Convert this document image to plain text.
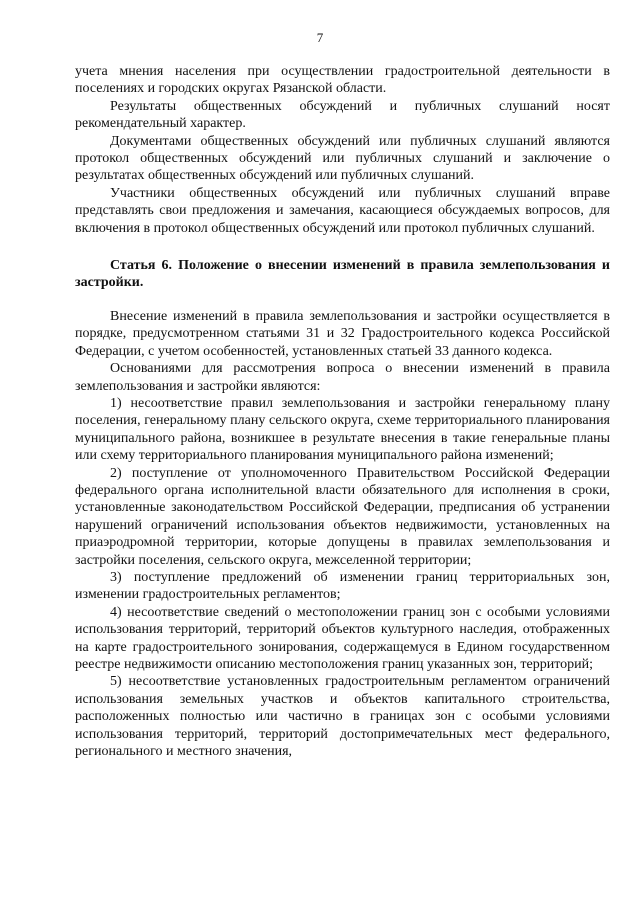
7

учета мнения населения при осуществлении градостроительной деятельности в поселениях и городских округах Рязанской области.

Результаты общественных обсуждений и публичных слушаний носят рекомендательный характер.

Документами общественных обсуждений или публичных слушаний являются протокол общественных обсуждений или публичных слушаний и заключение о результатах общественных обсуждений или публичных слушаний.

Участники общественных обсуждений или публичных слушаний вправе представлять свои предложения и замечания, касающиеся обсуждаемых вопросов, для включения в протокол общественных обсуждений или протокол публичных слушаний.

Статья 6. Положение о внесении изменений в правила землепользования и застройки.

Внесение изменений в правила землепользования и застройки осуществляется в порядке, предусмотренном статьями 31 и 32 Градостроительного кодекса Российской Федерации, с учетом особенностей, установленных статьей 33 данного кодекса.

Основаниями для рассмотрения вопроса о внесении изменений в правила землепользования и застройки являются:

1) несоответствие правил землепользования и застройки генеральному плану поселения, генеральному плану сельского округа, схеме территориального планирования муниципального района, возникшее в результате внесения в такие генеральные планы или схему территориального планирования муниципального района изменений;

2) поступление от уполномоченного Правительством Российской Федерации федерального органа исполнительной власти обязательного для исполнения в сроки, установленные законодательством Российской Федерации, предписания об устранении нарушений ограничений использования объектов недвижимости, установленных на приаэродромной территории, которые допущены в правилах землепользования и застройки поселения, сельского округа, межселенной территории;

3) поступление предложений об изменении границ территориальных зон, изменении градостроительных регламентов;

4) несоответствие сведений о местоположении границ зон с особыми условиями использования территорий, территорий объектов культурного наследия, отображенных на карте градостроительного зонирования, содержащемуся в Едином государственном реестре недвижимости описанию местоположения границ указанных зон, территорий;

5) несоответствие установленных градостроительным регламентом ограничений использования земельных участков и объектов капитального строительства, расположенных полностью или частично в границах зон с особыми условиями использования территорий, территорий достопримечательных мест федерального, регионального и местного значения,
